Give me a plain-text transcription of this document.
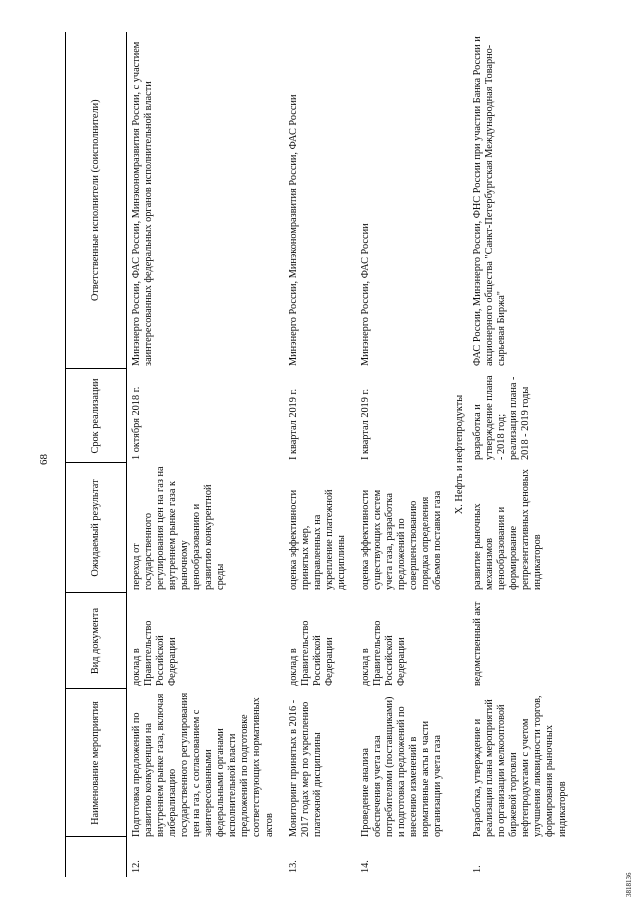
68
	Наименование мероприятия	Вид документа	Ожидаемый результат	Срок реализации	Ответственные исполнители (соисполнители)
12.	Подготовка предложений по развитию конкуренции на внутреннем рынке газа, включая либерализацию государственного регулирования цен на газ, с согласованием с заинтересованными федеральными органами исполнительной власти предложений по подготовке соответствующих нормативных актов	доклад в Правительство Российской Федерации	переход от государственного регулирования цен на газ на внутреннем рынке газа к рыночному ценообразованию и развитию конкурентной среды	1 октября 2018 г.	Минэнерго России, ФАС России, Минэкономразвития России, с участием заинтересованных федеральных органов исполнительной власти
13.	Мониторинг принятых в 2016 - 2017 годах мер по укреплению платежной дисциплины	доклад в Правительство Российской Федерации	оценка эффективности принятых мер, направленных на укрепление платежной дисциплины	I квартал 2019 г.	Минэнерго России, Минэкономразвития России, ФАС России
14.	Проведение анализа обеспечения учета газа потребителями (поставщиками) и подготовка предложений по внесению изменений в нормативные акты в части организации учета газа	доклад в Правительство Российской Федерации	оценка эффективности существующих систем учета газа, разработка предложений по совершенствованию порядка определения объемов поставки газа	I квартал 2019 г.	Минэнерго России, ФАС России
X. Нефть и нефтепродукты					
1.	Разработка, утверждение и реализация плана мероприятий по организации мелкооптовой биржевой торговли нефтепродуктами с учетом улучшения ликвидности торгов, формирования рыночных индикаторов	ведомственный акт	развитие рыночных механизмов ценообразования и формирование репрезентативных ценовых индикаторов	разработка и утверждение плана - 2018 год; реализация плана - 2018 - 2019 годы	ФАС России, Минэнерго России, ФНС России при участии Банка России и акционерного общества "Санкт-Петербургская Международная Товарно-сырьевая Биржа"
3818136
